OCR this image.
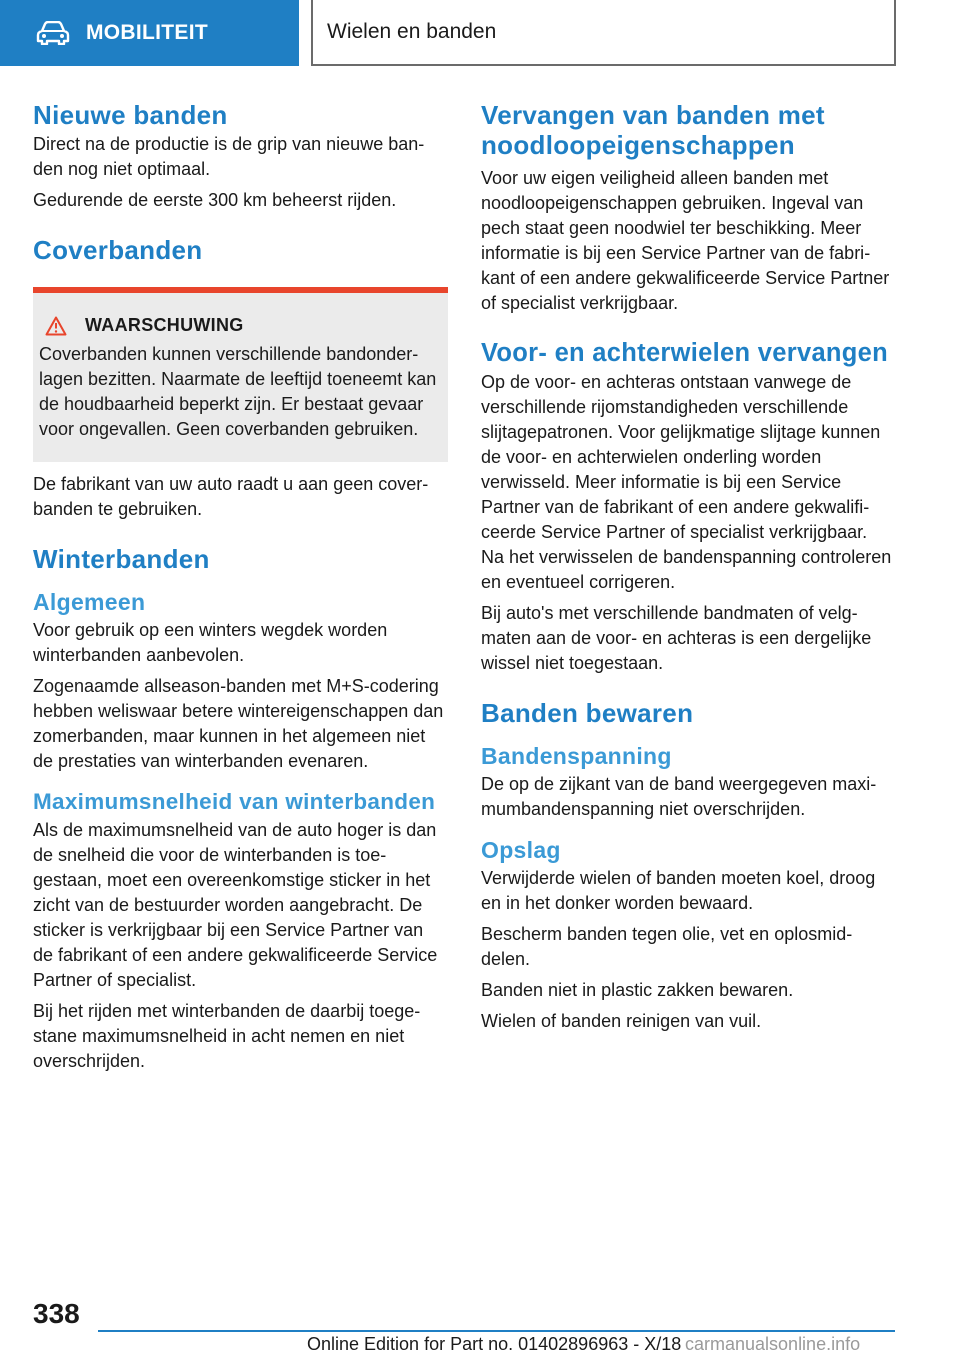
MOBILITEIT	Wielen en banden
Nieuwe banden

Direct na de productie is de grip van nieuwe banden nog niet optimaal.

Gedurende de eerste 300 km beheerst rijden.

Coverbanden
WAARSCHUWING

Coverbanden kunnen verschillende bandonderlagen bezitten. Naarmate de leeftijd toeneemt kan de houdbaarheid beperkt zijn. Er bestaat gevaar voor ongevallen. Geen coverbanden gebruiken.

De fabrikant van uw auto raadt u aan geen coverbanden te gebruiken.

Winterbanden
Algemeen

Voor gebruik op een winters wegdek worden winterbanden aanbevolen.

Zogenaamde allseason-banden met M+S-codering hebben weliswaar betere wintereigenschappen dan zomerbanden, maar kunnen in het algemeen niet de prestaties van winterbanden evenaren.

Maximumsnelheid van winterbanden

Als de maximumsnelheid van de auto hoger is dan de snelheid die voor de winterbanden is toegestaan, moet een overeenkomstige sticker in het zicht van de bestuurder worden aangebracht. De sticker is verkrijgbaar bij een Service Partner van de fabrikant of een andere gekwalificeerde Service Partner of specialist.

Bij het rijden met winterbanden de daarbij toegestane maximumsnelheid in acht nemen en niet overschrijden.

Vervangen van banden met noodloopeigenschappen

Voor uw eigen veiligheid alleen banden met noodloopeigenschappen gebruiken. Ingeval van pech staat geen noodwiel ter beschikking. Meer informatie is bij een Service Partner van de fabrikant of een andere gekwalificeerde Service Partner of specialist verkrijgbaar.

Voor- en achterwielen vervangen

Op de voor- en achteras ontstaan vanwege de verschillende rijomstandigheden verschillende slijtagepatronen. Voor gelijkmatige slijtage kunnen de voor- en achterwielen onderling worden verwisseld. Meer informatie is bij een Service Partner van de fabrikant of een andere gekwalificeerde Service Partner of specialist verkrijgbaar. Na het verwisselen de bandenspanning controleren en eventueel corrigeren.

Bij auto's met verschillende bandmaten of velgmaten aan de voor- en achteras is een dergelijke wissel niet toegestaan.

Banden bewaren
Bandenspanning

De op de zijkant van de band weergegeven maximumbandenspanning niet overschrijden.

Opslag

Verwijderde wielen of banden moeten koel, droog en in het donker worden bewaard.

Bescherm banden tegen olie, vet en oplosmiddelen.

Banden niet in plastic zakken bewaren.

Wielen of banden reinigen van vuil.

338
Online Edition for Part no. 01402896963 - X/18 carmanualsonline.info
